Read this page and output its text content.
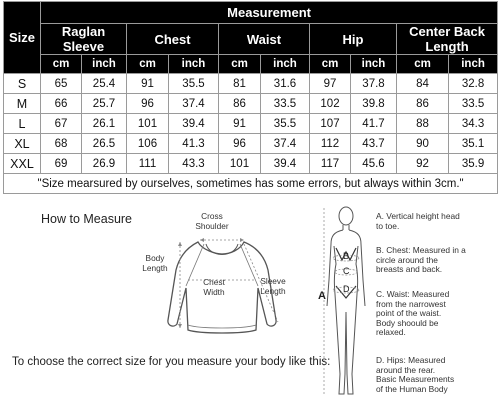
Size	Measurement									
	Raglan Sleeve		Chest		Waist		Hip		Center Back Length	
	cm	inch	cm	inch	cm	inch	cm	inch	cm	inch
S	65	25.4	91	35.5	81	31.6	97	37.8	84	32.8
M	66	25.7	96	37.4	86	33.5	102	39.8	86	33.5
L	67	26.1	101	39.4	91	35.5	107	41.7	88	34.3
XL	68	26.5	106	41.3	96	37.4	112	43.7	90	35.1
XXL	69	26.9	111	43.3	101	39.4	117	45.6	92	35.9
"Size mearsured by ourselves, sometimes has some errors, but always within 3cm."										
How to Measure	Cross
Shoulder
Body
Length
Chest
Width
Sleeve
Length	A
B
C
D
A. Vertical height head
to toe.
B. Chest: Measured in a
circle around the
breasts and back.
C. Waist: Measured
from the narrowest
point of the waist.
Body shoould be
relaxed.
D. Hips: Measured
around the rear.
Basic Measurements
of the Human Body
To choose the correct size for you measure your body like this:
